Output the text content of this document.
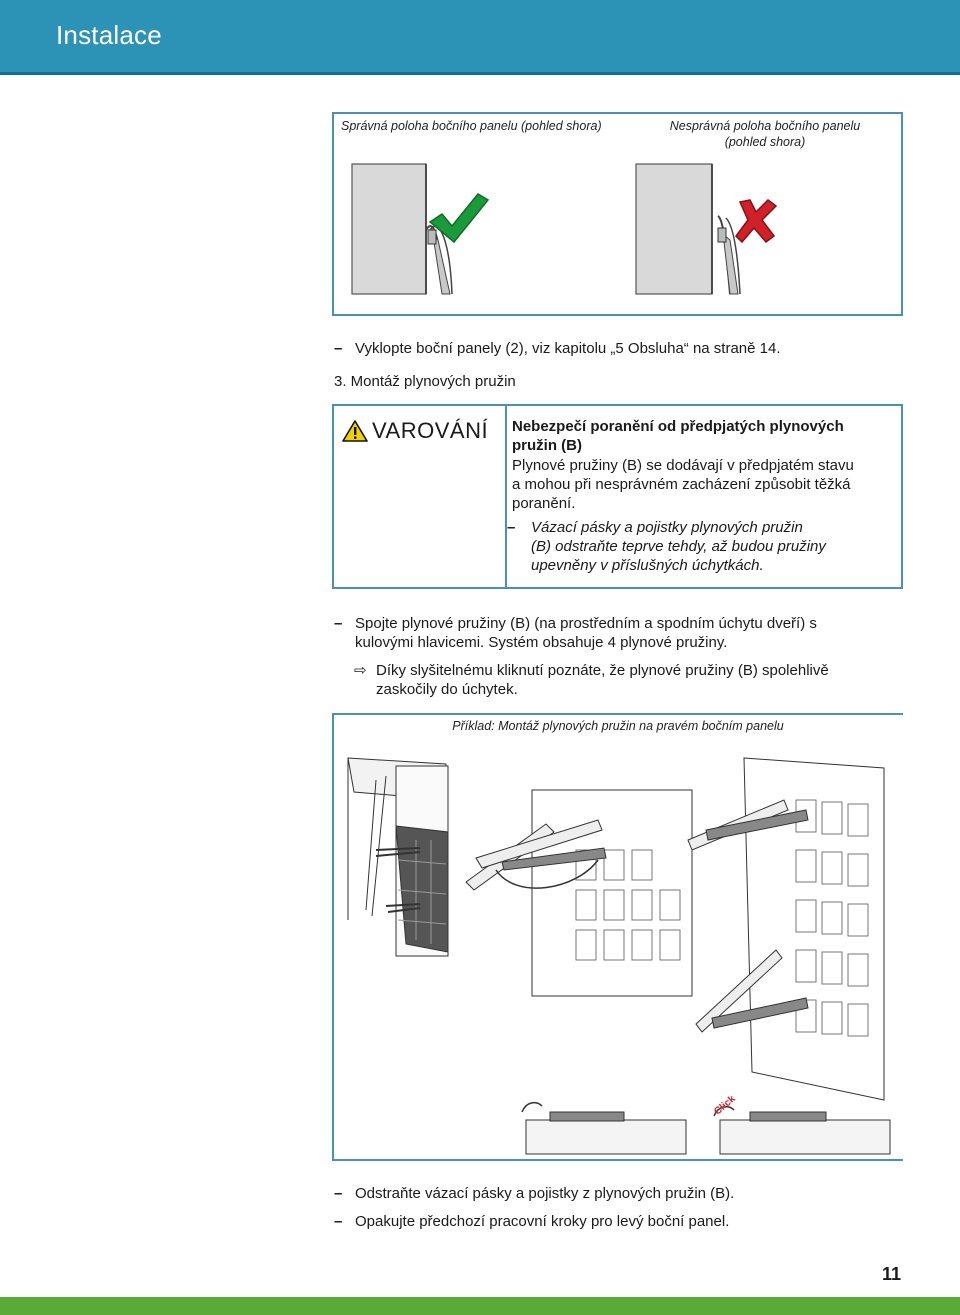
Instalace
Správná poloha bočního panelu (pohled shora)	Nesprávná poloha bočního panelu
(pohled shora)
– Vyklopte boční panely (2), viz kapitolu „5 Obsluha“ na straně 14.
3. Montáž plynových pružin
VAROVÁNÍ Nebezpečí poranění od předpjatých plynových
pružin (B)
Plynové pružiny (B) se dodávají v předpjatém stavu
a mohou při nesprávném zacházení způsobit těžká
poranění.
–	Vázací pásky a pojistky plynových pružin
(B) odstraňte teprve tehdy, až budou pružiny
upevněny v příslušných úchytkách.
– Spojte plynové pružiny (B) (na prostředním a spodním úchytu dveří) s
kulovými hlavicemi. Systém obsahuje 4 plynové pružiny.
⇨ Díky slyšitelnému kliknutí poznáte, že plynové pružiny (B) spolehlivě
zaskočily do úchytek.
Příklad: Montáž plynových pružin na pravém bočním panelu
Click
– Odstraňte vázací pásky a pojistky z plynových pružin (B).
– Opakujte předchozí pracovní kroky pro levý boční panel.
11
